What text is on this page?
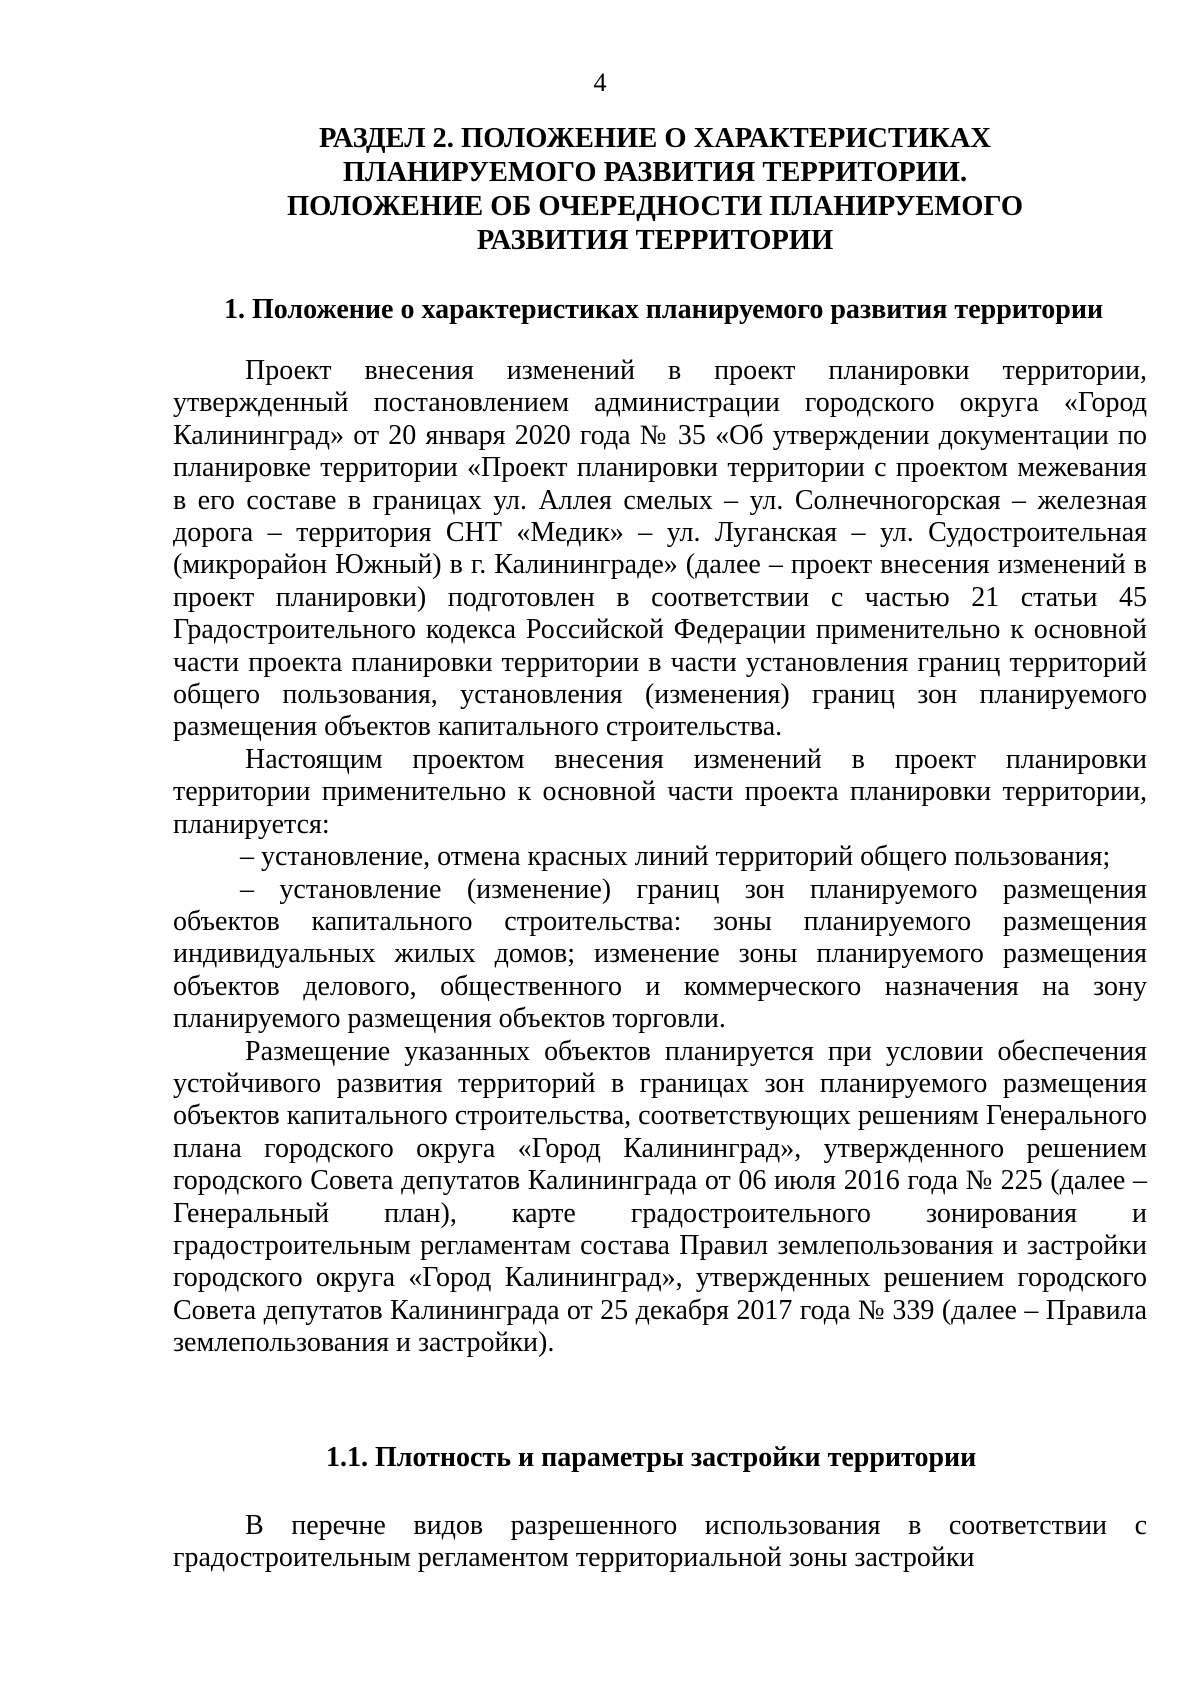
4
РАЗДЕЛ 2. ПОЛОЖЕНИЕ О ХАРАКТЕРИСТИКАХ
ПЛАНИРУЕМОГО РАЗВИТИЯ ТЕРРИТОРИИ.
ПОЛОЖЕНИЕ ОБ ОЧЕРЕДНОСТИ ПЛАНИРУЕМОГО
РАЗВИТИЯ ТЕРРИТОРИИ
1. Положение о характеристиках планируемого развития территории

Проект внесения изменений в проект планировки территории, утвержденный постановлением администрации городского округа «Город Калининград» от 20 января 2020 года № 35 «Об утверждении документации по планировке территории «Проект планировки территории с проектом межевания в его составе в границах ул. Аллея смелых – ул. Солнечногорская – железная дорога – территория СНТ «Медик» – ул. Луганская – ул. Судостроительная (микрорайон Южный) в г. Калининграде» (далее – проект внесения изменений в проект планировки) подготовлен в соответствии с частью 21 статьи 45 Градостроительного кодекса Российской Федерации применительно к основной части проекта планировки территории в части установления границ территорий общего пользования, установления (изменения) границ зон планируемого размещения объектов капитального строительства.

Настоящим проектом внесения изменений в проект планировки территории применительно к основной части проекта планировки территории, планируется:

– установление, отмена красных линий территорий общего пользования;

– установление (изменение) границ зон планируемого размещения объектов капитального строительства: зоны планируемого размещения индивидуальных жилых домов; изменение зоны планируемого размещения объектов делового, общественного и коммерческого назначения на зону планируемого размещения объектов торговли.

Размещение указанных объектов планируется при условии обеспечения устойчивого развития территорий в границах зон планируемого размещения объектов капитального строительства, соответствующих решениям Генерального плана городского округа «Город Калининград», утвержденного решением городского Совета депутатов Калининграда от 06 июля 2016 года № 225 (далее – Генеральный план), карте градостроительного зонирования и градостроительным регламентам состава Правил землепользования и застройки городского округа «Город Калининград», утвержденных решением городского Совета депутатов Калининграда от 25 декабря 2017 года № 339 (далее – Правила землепользования и застройки).

1.1. Плотность и параметры застройки территории

В перечне видов разрешенного использования в соответствии с градостроительным регламентом территориальной зоны застройки
